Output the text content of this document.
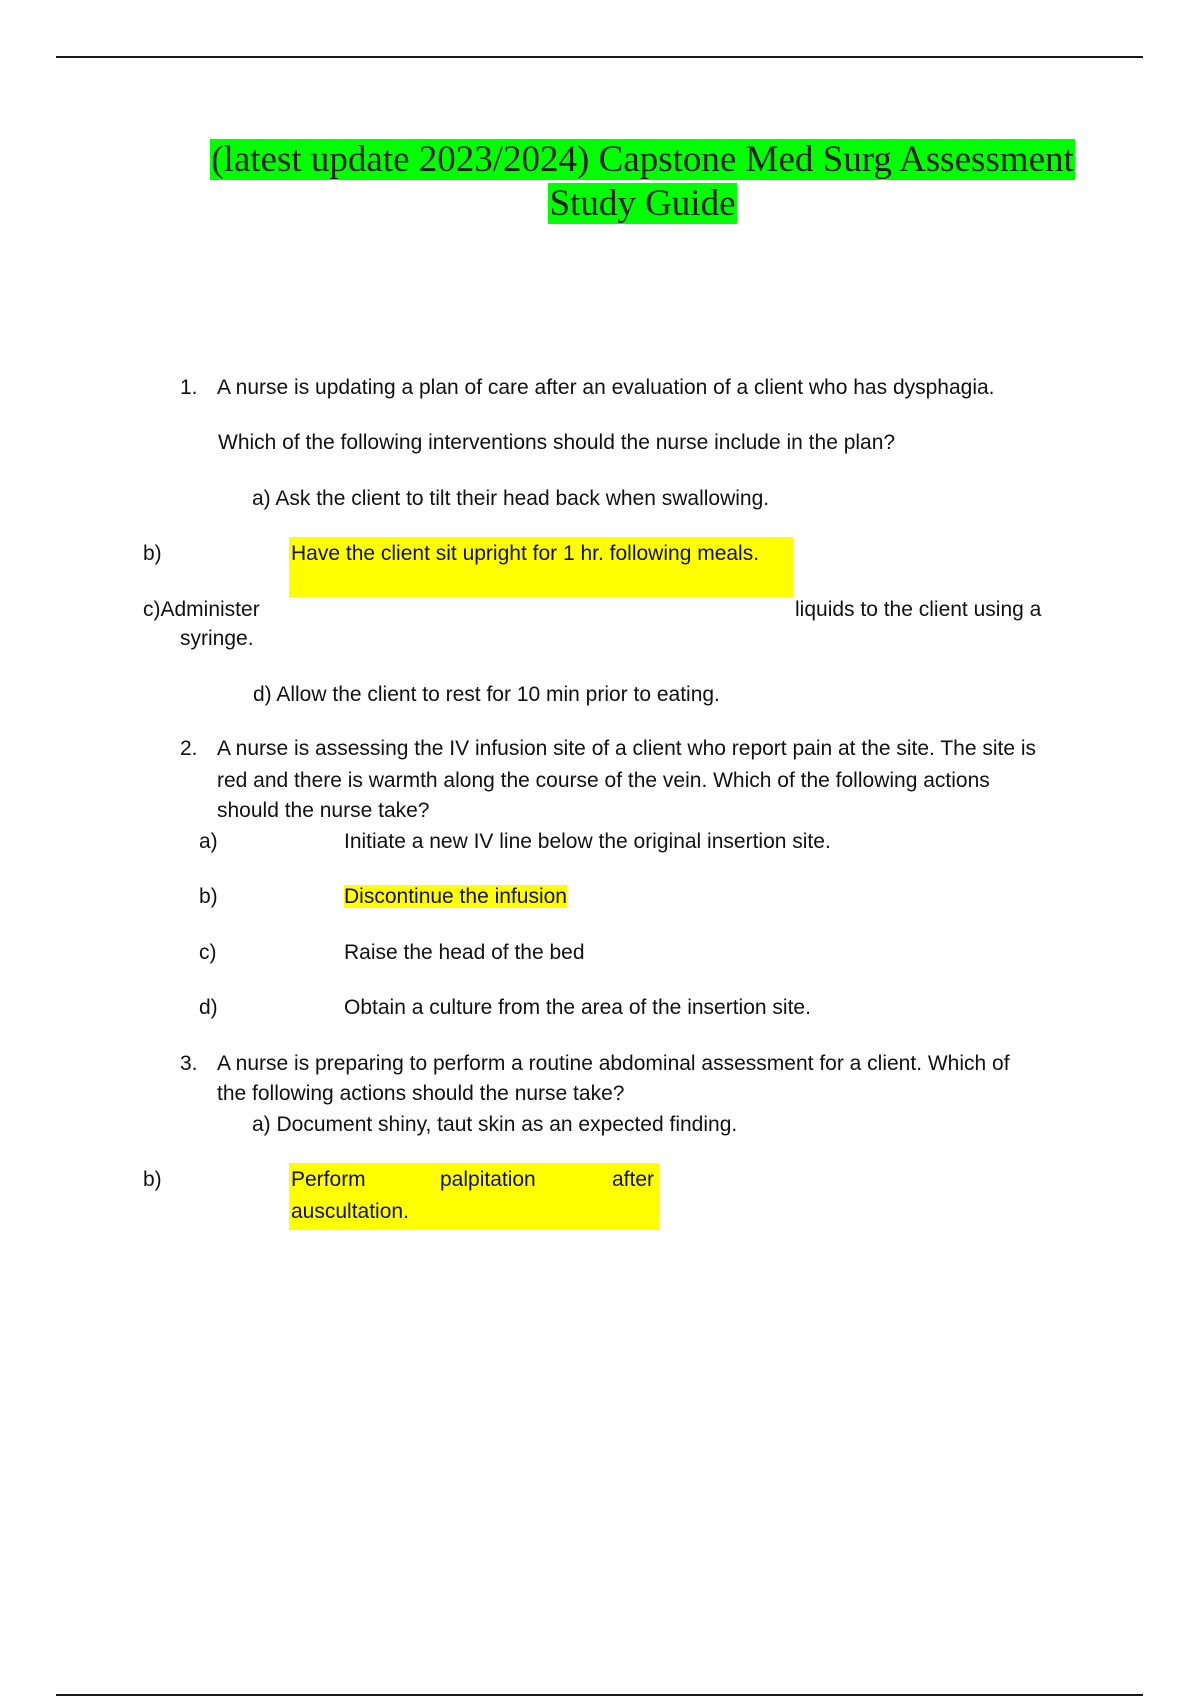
(latest update 2023/2024) Capstone Med Surg Assessment
Study Guide
1. A nurse is updating a plan of care after an evaluation of a client who has dysphagia.
Which of the following interventions should the nurse include in the plan?
a) Ask the client to tilt their head back when swallowing.
b)	Have the client sit upright for 1 hr. following meals.
c)Administer	liquids to the client using a
syringe.
d) Allow the client to rest for 10 min prior to eating.
2. A nurse is assessing the IV infusion site of a client who report pain at the site. The site is
red and there is warmth along the course of the vein. Which of the following actions
should the nurse take?
a)	Initiate a new IV line below the original insertion site.
b)	Discontinue the infusion
c)	Raise the head of the bed
d)	Obtain a culture from the area of the insertion site.
3. A nurse is preparing to perform a routine abdominal assessment for a client. Which of
the following actions should the nurse take?
a) Document shiny, taut skin as an expected finding.
b)	Perform	palpitation	after
auscultation.
